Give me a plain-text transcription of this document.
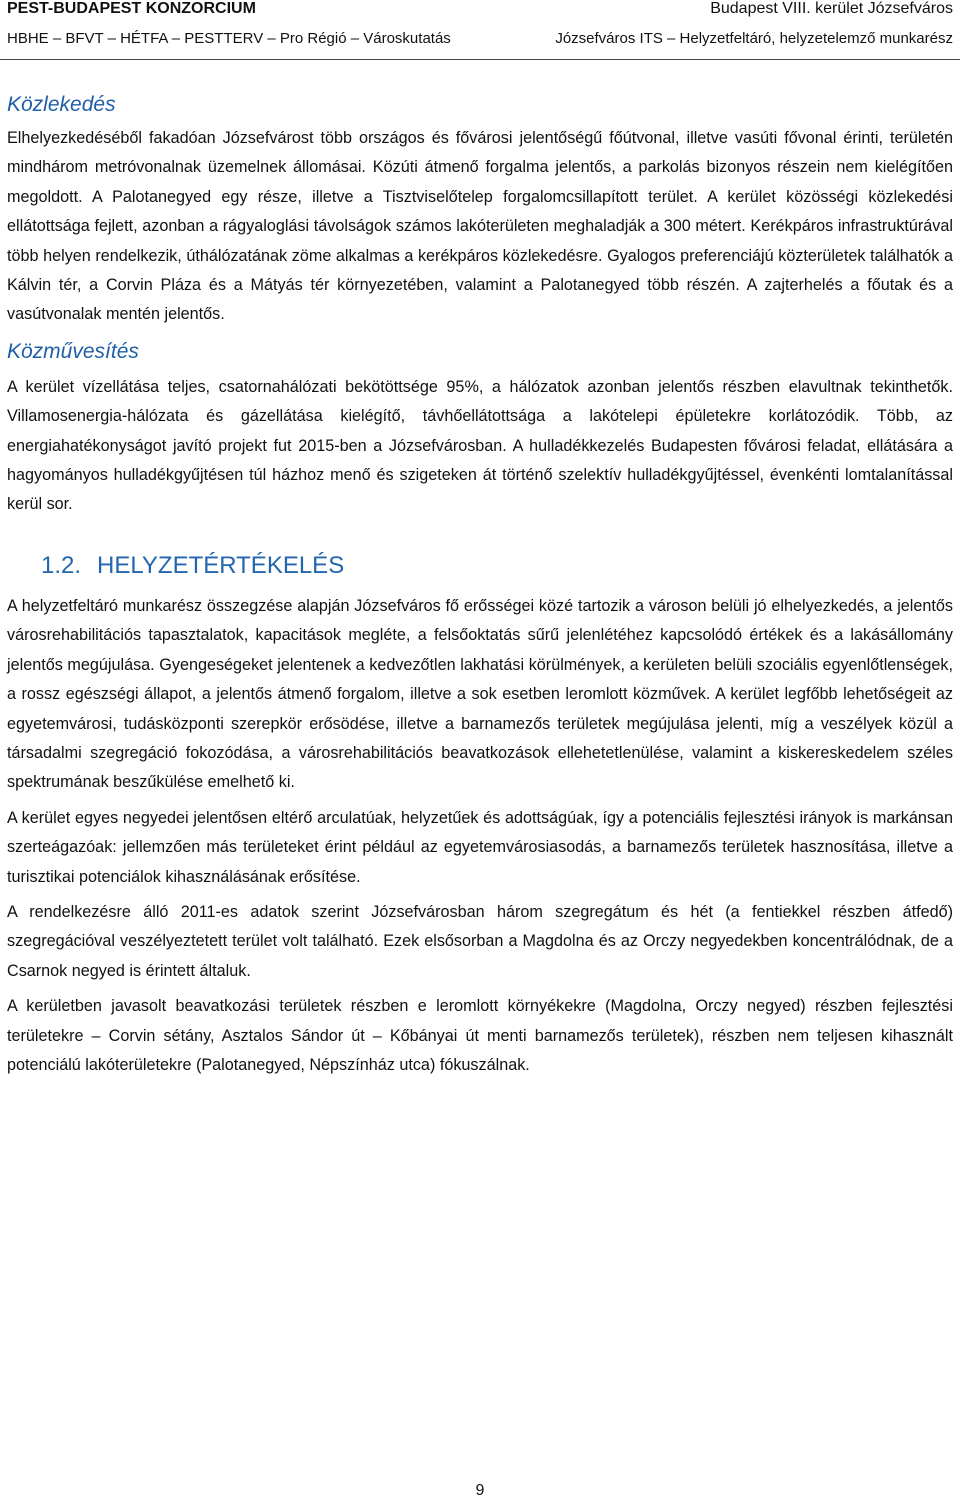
PEST-BUDAPEST KONZORCIUM	Budapest VIII. kerület Józsefváros
HBHE – BFVT – HÉTFA – PESTTERV – Pro Régió – Városkutatás	Józsefváros ITS – Helyzetfeltáró, helyzetelemző munkarész
Közlekedés

Elhelyezkedéséből fakadóan Józsefvárost több országos és fővárosi jelentőségű főútvonal, illetve vasúti fővonal érinti, területén mindhárom metróvonalnak üzemelnek állomásai. Közúti átmenő forgalma jelentős, a parkolás bizonyos részein nem kielégítően megoldott. A Palotanegyed egy része, illetve a Tisztviselőtelep forgalomcsillapított terület. A kerület közösségi közlekedési ellátottsága fejlett, azonban a rágyaloglási távolságok számos lakóterületen meghaladják a 300 métert. Kerékpáros infrastruktúrával több helyen rendelkezik, úthálózatának zöme alkalmas a kerékpáros közlekedésre. Gyalogos preferenciájú közterületek találhatók a Kálvin tér, a Corvin Pláza és a Mátyás tér környezetében, valamint a Palotanegyed több részén. A zajterhelés a főutak és a vasútvonalak mentén jelentős.

Közművesítés

A kerület vízellátása teljes, csatornahálózati bekötöttsége 95%, a hálózatok azonban jelentős részben elavultnak tekinthetők. Villamosenergia-hálózata és gázellátása kielégítő, távhőellátottsága a lakótelepi épületekre korlátozódik. Több, az energiahatékonyságot javító projekt fut 2015-ben a Józsefvárosban. A hulladékkezelés Budapesten fővárosi feladat, ellátására a hagyományos hulladékgyűjtésen túl házhoz menő és szigeteken át történő szelektív hulladékgyűjtéssel, évenkénti lomtalanítással kerül sor.

1.2. HELYZETÉRTÉKELÉS

A helyzetfeltáró munkarész összegzése alapján Józsefváros fő erősségei közé tartozik a városon belüli jó elhelyezkedés, a jelentős városrehabilitációs tapasztalatok, kapacitások megléte, a felsőoktatás sűrű jelenlétéhez kapcsolódó értékek és a lakásállomány jelentős megújulása. Gyengeségeket jelentenek a kedvezőtlen lakhatási körülmények, a kerületen belüli szociális egyenlőtlenségek, a rossz egészségi állapot, a jelentős átmenő forgalom, illetve a sok esetben leromlott közművek. A kerület legfőbb lehetőségeit az egyetemvárosi, tudásközponti szerepkör erősödése, illetve a barnamezős területek megújulása jelenti, míg a veszélyek közül a társadalmi szegregáció fokozódása, a városrehabilitációs beavatkozások ellehetetlenülése, valamint a kiskereskedelem széles spektrumának beszűkülése emelhető ki.

A kerület egyes negyedei jelentősen eltérő arculatúak, helyzetűek és adottságúak, így a potenciális fejlesztési irányok is markánsan szerteágazóak: jellemzően más területeket érint például az egyetemvárosiasodás, a barnamezős területek hasznosítása, illetve a turisztikai potenciálok kihasználásának erősítése.

A rendelkezésre álló 2011-es adatok szerint Józsefvárosban három szegregátum és hét (a fentiekkel részben átfedő) szegregációval veszélyeztetett terület volt található. Ezek elsősorban a Magdolna és az Orczy negyedekben koncentrálódnak, de a Csarnok negyed is érintett általuk.

A kerületben javasolt beavatkozási területek részben e leromlott környékekre (Magdolna, Orczy negyed) részben fejlesztési területekre – Corvin sétány, Asztalos Sándor út – Kőbányai út menti barnamezős területek), részben nem teljesen kihasznált potenciálú lakóterületekre (Palotanegyed, Népszínház utca) fókuszálnak.

9
